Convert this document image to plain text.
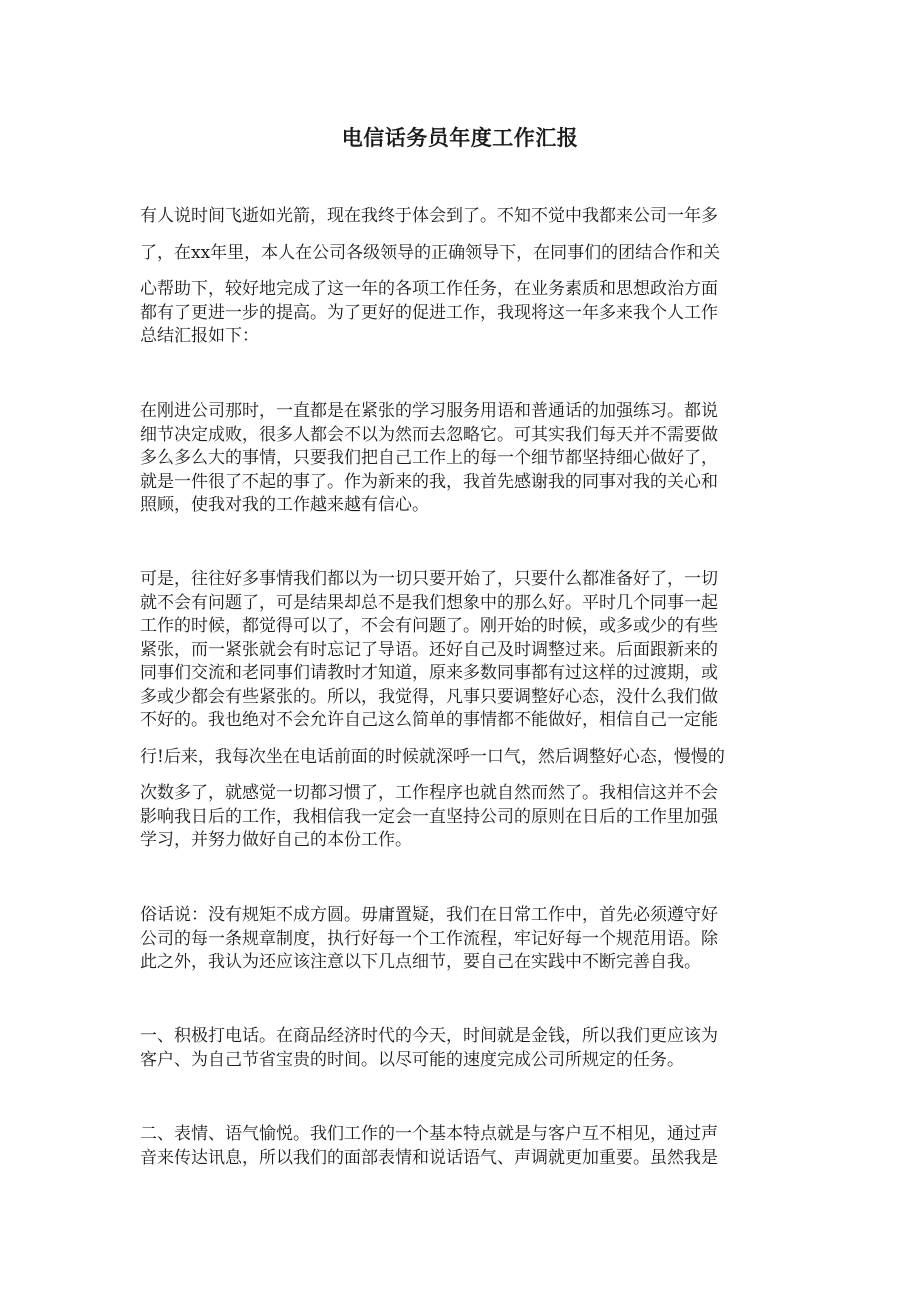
电信话务员年度工作汇报
有人说时间飞逝如光箭，现在我终于体会到了。不知不觉中我都来公司一年多
了，在xx年里，本人在公司各级领导的正确领导下，在同事们的团结合作和关
心帮助下，较好地完成了这一年的各项工作任务，在业务素质和思想政治方面
都有了更进一步的提高。为了更好的促进工作，我现将这一年多来我个人工作
总结汇报如下：
在刚进公司那时，一直都是在紧张的学习服务用语和普通话的加强练习。都说
细节决定成败，很多人都会不以为然而去忽略它。可其实我们每天并不需要做
多么多么大的事情，只要我们把自己工作上的每一个细节都坚持细心做好了，
就是一件很了不起的事了。作为新来的我，我首先感谢我的同事对我的关心和
照顾，使我对我的工作越来越有信心。
可是，往往好多事情我们都以为一切只要开始了，只要什么都准备好了，一切
就不会有问题了，可是结果却总不是我们想象中的那么好。平时几个同事一起
工作的时候，都觉得可以了，不会有问题了。刚开始的时候，或多或少的有些
紧张，而一紧张就会有时忘记了导语。还好自己及时调整过来。后面跟新来的
同事们交流和老同事们请教时才知道，原来多数同事都有过这样的过渡期，或
多或少都会有些紧张的。所以，我觉得，凡事只要调整好心态，没什么我们做
不好的。我也绝对不会允许自己这么简单的事情都不能做好，相信自己一定能
行!后来，我每次坐在电话前面的时候就深呼一口气，然后调整好心态，慢慢的
次数多了，就感觉一切都习惯了，工作程序也就自然而然了。我相信这并不会
影响我日后的工作，我相信我一定会一直坚持公司的原则在日后的工作里加强
学习，并努力做好自己的本份工作。
俗话说：没有规矩不成方圆。毋庸置疑，我们在日常工作中，首先必须遵守好
公司的每一条规章制度，执行好每一个工作流程，牢记好每一个规范用语。除
此之外，我认为还应该注意以下几点细节，要自己在实践中不断完善自我。
一、积极打电话。在商品经济时代的今天，时间就是金钱，所以我们更应该为
客户、为自己节省宝贵的时间。以尽可能的速度完成公司所规定的任务。
二、表情、语气愉悦。我们工作的一个基本特点就是与客户互不相见，通过声
音来传达讯息，所以我们的面部表情和说话语气、声调就更加重要。虽然我是
